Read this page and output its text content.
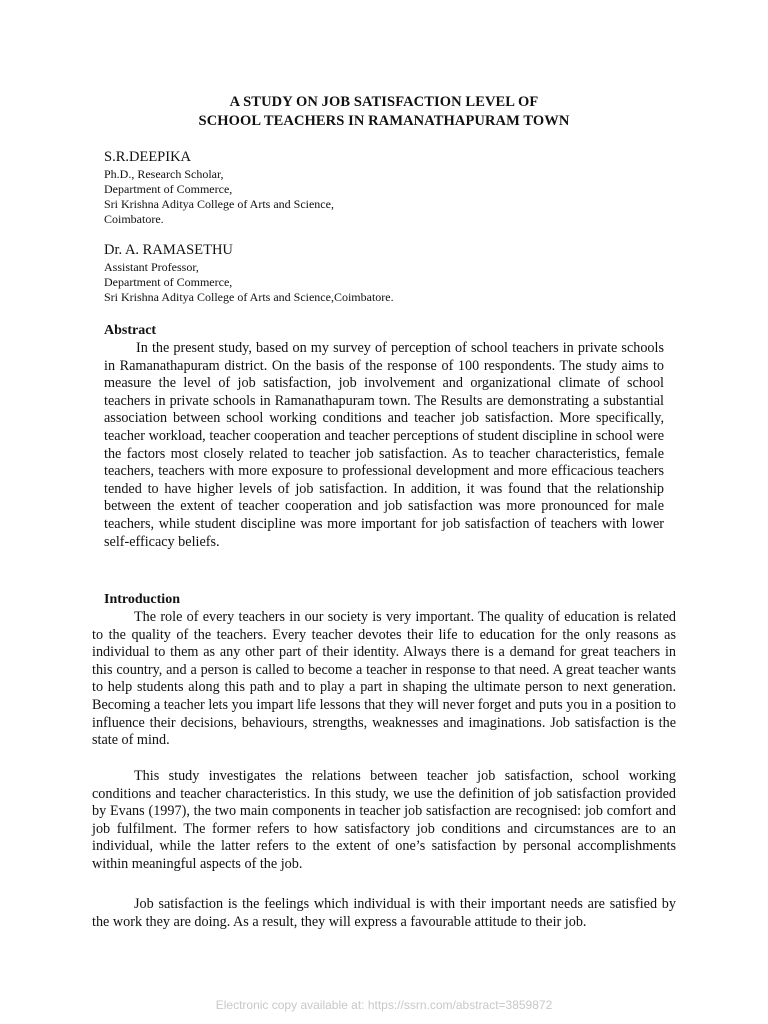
A STUDY ON JOB SATISFACTION LEVEL OF
SCHOOL TEACHERS IN RAMANATHAPURAM TOWN
S.R.DEEPIKA
Ph.D., Research Scholar,
Department of Commerce,
Sri Krishna Aditya College of Arts and Science,
Coimbatore.
Dr. A. RAMASETHU
Assistant Professor,
Department of Commerce,
Sri Krishna Aditya College of Arts and Science,Coimbatore.
Abstract
In the present study, based on my survey of perception of school teachers in private schools in Ramanathapuram district. On the basis of the response of 100 respondents. The study aims to measure the level of job satisfaction, job involvement and organizational climate of school teachers in private schools in Ramanathapuram town. The Results are demonstrating a substantial association between school working conditions and teacher job satisfaction. More specifically, teacher workload, teacher cooperation and teacher perceptions of student discipline in school were the factors most closely related to teacher job satisfaction. As to teacher characteristics, female teachers, teachers with more exposure to professional development and more efficacious teachers tended to have higher levels of job satisfaction. In addition, it was found that the relationship between the extent of teacher cooperation and job satisfaction was more pronounced for male teachers, while student discipline was more important for job satisfaction of teachers with lower self-efficacy beliefs.
Introduction
The role of every teachers in our society is very important. The quality of education is related to the quality of the teachers. Every teacher devotes their life to education for the only reasons as individual to them as any other part of their identity. Always there is a demand for great teachers in this country, and a person is called to become a teacher in response to that need. A great teacher wants to help students along this path and to play a part in shaping the ultimate person to next generation. Becoming a teacher lets you impart life lessons that they will never forget and puts you in a position to influence their decisions, behaviours, strengths, weaknesses and imaginations. Job satisfaction is the state of mind.
This study investigates the relations between teacher job satisfaction, school working conditions and teacher characteristics. In this study, we use the definition of job satisfaction provided by Evans (1997), the two main components in teacher job satisfaction are recognised: job comfort and job fulfilment. The former refers to how satisfactory job conditions and circumstances are to an individual, while the latter refers to the extent of one’s satisfaction by personal accomplishments within meaningful aspects of the job.
Job satisfaction is the feelings which individual is with their important needs are satisfied by the work they are doing. As a result, they will express a favourable attitude to their job.
Electronic copy available at: https://ssrn.com/abstract=3859872
